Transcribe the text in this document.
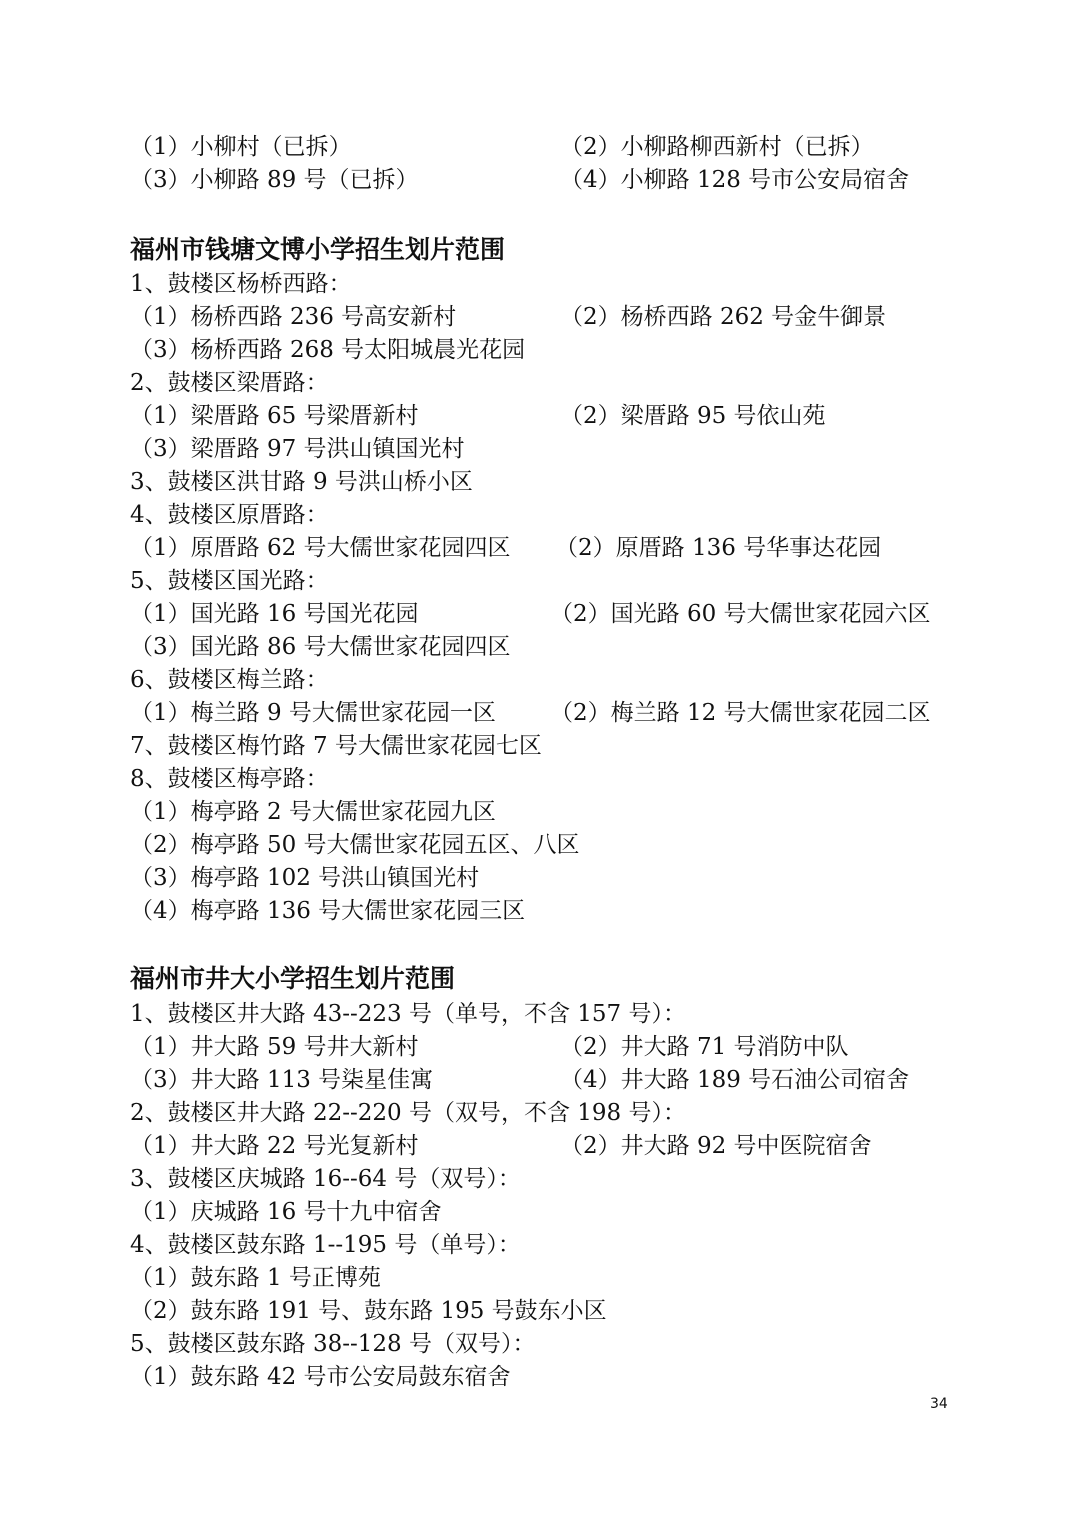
（1）小柳村（已拆）	（2）小柳路柳西新村（已拆）
（3）小柳路 89 号（已拆）	（4）小柳路 128 号市公安局宿舍
福州市钱塘文博小学招生划片范围
1、鼓楼区杨桥西路：
（1）杨桥西路 236 号高安新村	（2）杨桥西路 262 号金牛御景
（3）杨桥西路 268 号太阳城晨光花园
2、鼓楼区梁厝路：
（1）梁厝路 65 号梁厝新村	（2）梁厝路 95 号依山苑
（3）梁厝路 97 号洪山镇国光村
3、鼓楼区洪甘路 9 号洪山桥小区
4、鼓楼区原厝路：
（1）原厝路 62 号大儒世家花园四区 （2）原厝路 136 号华事达花园
5、鼓楼区国光路：
（1）国光路 16 号国光花园	（2）国光路 60 号大儒世家花园六区
（3）国光路 86 号大儒世家花园四区
6、鼓楼区梅兰路：
（1）梅兰路 9 号大儒世家花园一区 （2）梅兰路 12 号大儒世家花园二区
7、鼓楼区梅竹路 7 号大儒世家花园七区
8、鼓楼区梅亭路：
（1）梅亭路 2 号大儒世家花园九区
（2）梅亭路 50 号大儒世家花园五区、八区
（3）梅亭路 102 号洪山镇国光村
（4）梅亭路 136 号大儒世家花园三区
福州市井大小学招生划片范围
1、鼓楼区井大路 43--223 号（单号，不含 157 号）：
（1）井大路 59 号井大新村	（2）井大路 71 号消防中队
（3）井大路 113 号柒星佳寓	（4）井大路 189 号石油公司宿舍
2、鼓楼区井大路 22--220 号（双号，不含 198 号）：
（1）井大路 22 号光复新村	（2）井大路 92 号中医院宿舍
3、鼓楼区庆城路 16--64 号（双号）：
（1）庆城路 16 号十九中宿舍
4、鼓楼区鼓东路 1--195 号（单号）：
（1）鼓东路 1 号正博苑
（2）鼓东路 191 号、鼓东路 195 号鼓东小区
5、鼓楼区鼓东路 38--128 号（双号）：
（1）鼓东路 42 号市公安局鼓东宿舍
34
